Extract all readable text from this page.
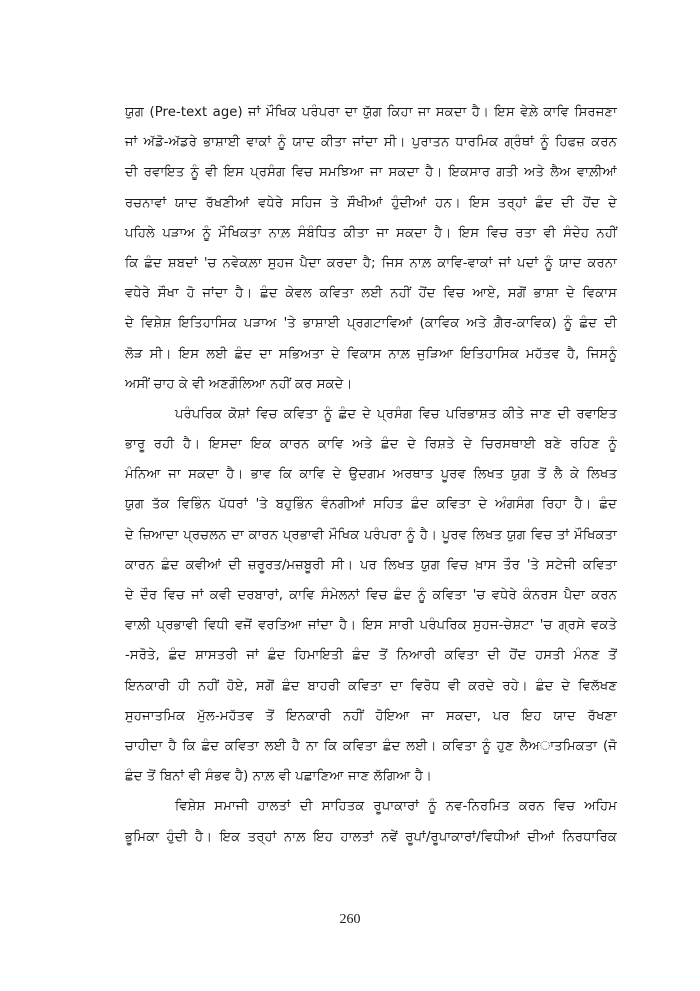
ਯੁਗ (Pre-text age) ਜਾਂ ਮੌਖਿਕ ਪਰੰਪਰਾ ਦਾ ਯੁੱਗ ਕਿਹਾ ਜਾ ਸਕਦਾ ਹੈ। ਇਸ ਵੇਲ਼ੇ ਕਾਵਿ ਸਿਰਜਣਾ
ਜਾਂ ਅੱਡੋ-ਅੱਡਰੇ ਭਾਸ਼ਾਈ ਵਾਕਾਂ ਨੂੰ ਯਾਦ ਕੀਤਾ ਜਾਂਦਾ ਸੀ। ਪੁਰਾਤਨ ਧਾਰਮਿਕ ਗ੍ਰੰਥਾਂ ਨੂੰ ਹਿਫਜ਼ ਕਰਨ
ਦੀ ਰਵਾਇਤ ਨੂੰ ਵੀ ਇਸ ਪ੍ਰਸੰਗ ਵਿਚ ਸਮਝਿਆ ਜਾ ਸਕਦਾ ਹੈ। ਇਕਸਾਰ ਗਤੀ ਅਤੇ ਲੈਅ ਵਾਲ਼ੀਆਂ
ਰਚਨਾਵਾਂ ਯਾਦ ਰੱਖਣੀਆਂ ਵਧੇਰੇ ਸਹਿਜ ਤੇ ਸੌਖੀਆਂ ਹੁੰਦੀਆਂ ਹਨ। ਇਸ ਤਰ੍ਹਾਂ ਛੰਦ ਦੀ ਹੋਂਦ ਦੇ
ਪਹਿਲੇ ਪੜਾਅ ਨੂੰ ਮੌਖਿਕਤਾ ਨਾਲ਼ ਸੰਬੰਧਿਤ ਕੀਤਾ ਜਾ ਸਕਦਾ ਹੈ। ਇਸ ਵਿਚ ਰਤਾ ਵੀ ਸੰਦੇਹ ਨਹੀਂ
ਕਿ ਛੰਦ ਸ਼ਬਦਾਂ 'ਚ ਨਵੇਕਲ਼ਾ ਸੁਹਜ ਪੈਦਾ ਕਰਦਾ ਹੈ; ਜਿਸ ਨਾਲ਼ ਕਾਵਿ-ਵਾਕਾਂ ਜਾਂ ਪਦਾਂ ਨੂੰ ਯਾਦ ਕਰਨਾ
ਵਧੇਰੇ ਸੌਖਾ ਹੋ ਜਾਂਦਾ ਹੈ। ਛੰਦ ਕੇਵਲ ਕਵਿਤਾ ਲਈ ਨਹੀਂ ਹੋਂਦ ਵਿਚ ਆਏ, ਸਗੋਂ ਭਾਸ਼ਾ ਦੇ ਵਿਕਾਸ
ਦੇ ਵਿਸ਼ੇਸ਼ ਇਤਿਹਾਸਿਕ ਪੜਾਅ 'ਤੇ ਭਾਸ਼ਾਈ ਪ੍ਰਗਟਾਵਿਆਂ (ਕਾਵਿਕ ਅਤੇ ਗ਼ੈਰ-ਕਾਵਿਕ) ਨੂੰ ਛੰਦ ਦੀ
ਲੋੜ ਸੀ। ਇਸ ਲਈ ਛੰਦ ਦਾ ਸਭਿਅਤਾ ਦੇ ਵਿਕਾਸ ਨਾਲ਼ ਜੁੜਿਆ ਇਤਿਹਾਸਿਕ ਮਹੱਤਵ ਹੈ, ਜਿਸਨੂੰ
ਅਸੀਂ ਚਾਹ ਕੇ ਵੀ ਅਣਗੌਲਿਆ ਨਹੀਂ ਕਰ ਸਕਦੇ।
ਪਰੰਪਰਿਕ ਕੋਸ਼ਾਂ ਵਿਚ ਕਵਿਤਾ ਨੂੰ ਛੰਦ ਦੇ ਪ੍ਰਸੰਗ ਵਿਚ ਪਰਿਭਾਸ਼ਤ ਕੀਤੇ ਜਾਣ ਦੀ ਰਵਾਇਤ
ਭਾਰੂ ਰਹੀ ਹੈ। ਇਸਦਾ ਇਕ ਕਾਰਨ ਕਾਵਿ ਅਤੇ ਛੰਦ ਦੇ ਰਿਸ਼ਤੇ ਦੇ ਚਿਰਸਥਾਈ ਬਣੇ ਰਹਿਣ ਨੂੰ
ਮੰਨਿਆ ਜਾ ਸਕਦਾ ਹੈ। ਭਾਵ ਕਿ ਕਾਵਿ ਦੇ ਉਦਗਮ ਅਰਥਾਤ ਪੂਰਵ ਲਿਖਤ ਯੁਗ ਤੋਂ ਲੈ ਕੇ ਲਿਖਤ
ਯੁਗ ਤੱਕ ਵਿਭਿੰਨ ਪੱਧਰਾਂ 'ਤੇ ਬਹੁਭਿੰਨ ਵੰਨਗੀਆਂ ਸਹਿਤ ਛੰਦ ਕਵਿਤਾ ਦੇ ਅੰਗਸੰਗ ਰਿਹਾ ਹੈ। ਛੰਦ
ਦੇ ਜ਼ਿਆਦਾ ਪ੍ਰਚਲਨ ਦਾ ਕਾਰਨ ਪ੍ਰਭਾਵੀ ਮੌਖਿਕ ਪਰੰਪਰਾ ਨੂੰ ਹੈ। ਪੂਰਵ ਲਿਖਤ ਯੁਗ ਵਿਚ ਤਾਂ ਮੌਖਿਕਤਾ
ਕਾਰਨ ਛੰਦ ਕਵੀਆਂ ਦੀ ਜ਼ਰੂਰਤ/ਮਜ਼ਬੂਰੀ ਸੀ। ਪਰ ਲਿਖਤ ਯੁਗ ਵਿਚ ਖ਼ਾਸ ਤੌਰ 'ਤੇ ਸਟੇਜੀ ਕਵਿਤਾ
ਦੇ ਦੌਰ ਵਿਚ ਜਾਂ ਕਵੀ ਦਰਬਾਰਾਂ, ਕਾਵਿ ਸੰਮੇਲਨਾਂ ਵਿਚ ਛੰਦ ਨੂੰ ਕਵਿਤਾ 'ਚ ਵਧੇਰੇ ਕੰਨਰਸ ਪੈਦਾ ਕਰਨ
ਵਾਲ਼ੀ ਪ੍ਰਭਾਵੀ ਵਿਧੀ ਵਜੋਂ ਵਰਤਿਆ ਜਾਂਦਾ ਹੈ। ਇਸ ਸਾਰੀ ਪਰੰਪਰਿਕ ਸੁਹਜ-ਚੇਸ਼ਟਾ 'ਚ ਗ੍ਰਸੇ ਵਕਤੇ
-ਸਰੋਤੇ, ਛੰਦ ਸ਼ਾਸਤਰੀ ਜਾਂ ਛੰਦ ਹਿਮਾਇਤੀ ਛੰਦ ਤੋਂ ਨਿਆਰੀ ਕਵਿਤਾ ਦੀ ਹੋਂਦ ਹਸਤੀ ਮੰਨਣ ਤੋਂ
ਇਨਕਾਰੀ ਹੀ ਨਹੀਂ ਹੋਏ, ਸਗੋਂ ਛੰਦ ਬਾਹਰੀ ਕਵਿਤਾ ਦਾ ਵਿਰੋਧ ਵੀ ਕਰਦੇ ਰਹੇ। ਛੰਦ ਦੇ ਵਿਲੱਖਣ
ਸੁਹਜਾਤਮਿਕ ਮੁੱਲ-ਮਹੱਤਵ ਤੋਂ ਇਨਕਾਰੀ ਨਹੀਂ ਹੋਇਆ ਜਾ ਸਕਦਾ, ਪਰ ਇਹ ਯਾਦ ਰੱਖਣਾ
ਚਾਹੀਦਾ ਹੈ ਕਿ ਛੰਦ ਕਵਿਤਾ ਲਈ ਹੈ ਨਾ ਕਿ ਕਵਿਤਾ ਛੰਦ ਲਈ। ਕਵਿਤਾ ਨੂੰ ਹੁਣ ਲੈਅਾਤਮਿਕਤਾ (ਜੋ
ਛੰਦ ਤੋਂ ਬਿਨਾਂ ਵੀ ਸੰਭਵ ਹੈ) ਨਾਲ਼ ਵੀ ਪਛਾਣਿਆ ਜਾਣ ਲੱਗਿਆ ਹੈ।
ਵਿਸ਼ੇਸ਼ ਸਮਾਜੀ ਹਾਲਤਾਂ ਦੀ ਸਾਹਿਤਕ ਰੂਪਾਕਾਰਾਂ ਨੂੰ ਨਵ-ਨਿਰਮਿਤ ਕਰਨ ਵਿਚ ਅਹਿਮ
ਭੂਮਿਕਾ ਹੁੰਦੀ ਹੈ। ਇਕ ਤਰ੍ਹਾਂ ਨਾਲ਼ ਇਹ ਹਾਲਤਾਂ ਨਵੇਂ ਰੂਪਾਂ/ਰੂਪਾਕਾਰਾਂ/ਵਿਧੀਆਂ ਦੀਆਂ ਨਿਰਧਾਰਿਕ
260
